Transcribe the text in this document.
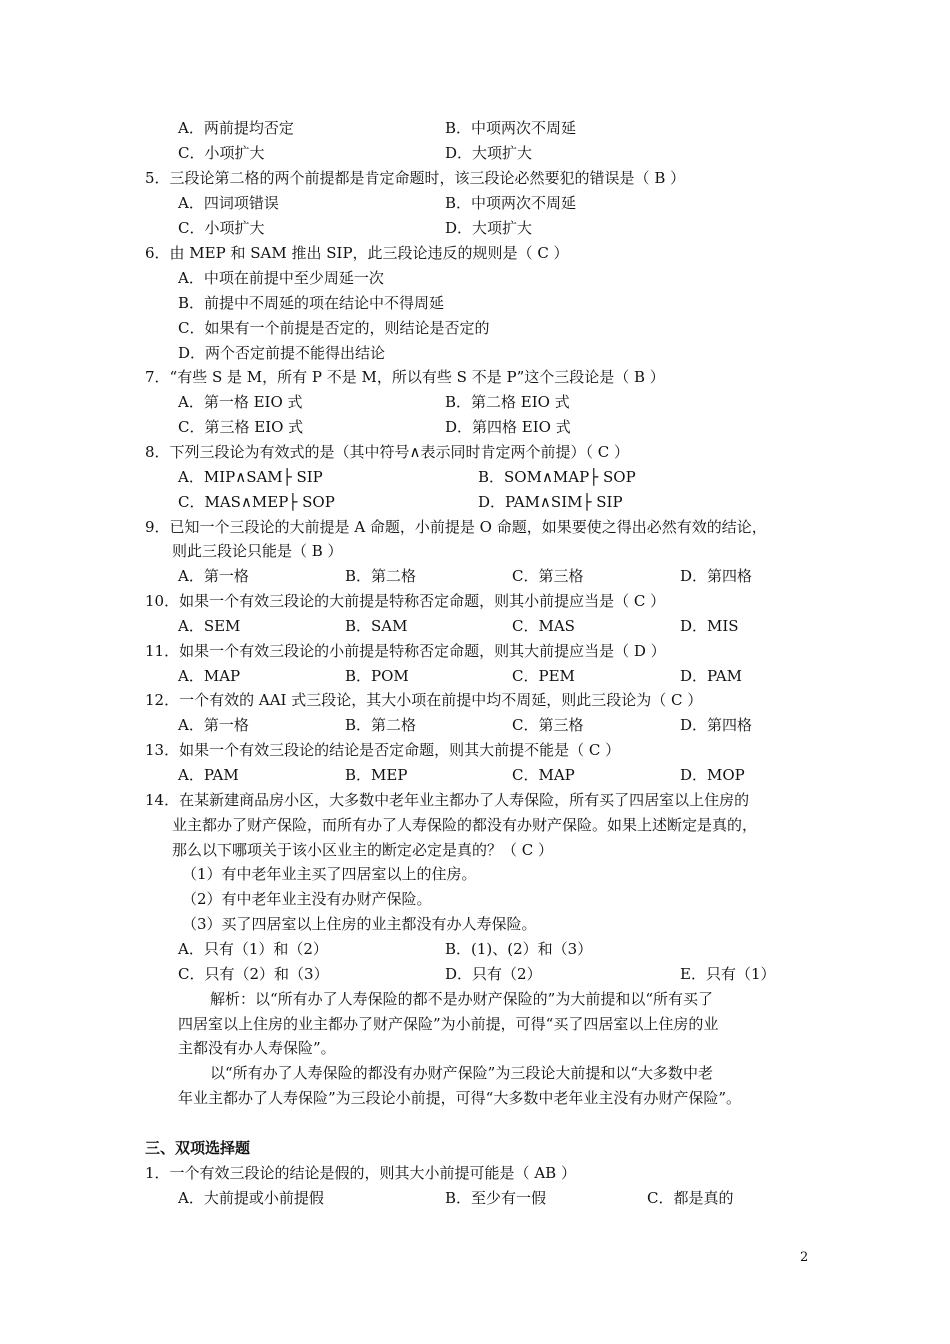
A．两前提均否定	B．中项两次不周延
C．小项扩大	D．大项扩大
5．三段论第二格的两个前提都是肯定命题时，该三段论必然要犯的错误是（ B ）
A．四词项错误	B．中项两次不周延
C．小项扩大	D．大项扩大
6．由 MEP 和 SAM 推出 SIP，此三段论违反的规则是（ C ）
A．中项在前提中至少周延一次
B．前提中不周延的项在结论中不得周延
C．如果有一个前提是否定的，则结论是否定的
D．两个否定前提不能得出结论
7．“有些 S 是 M，所有 P 不是 M，所以有些 S 不是 P”这个三段论是（ B ）
A．第一格 EIO 式	B．第二格 EIO 式
C．第三格 EIO 式	D．第四格 EIO 式
8．下列三段论为有效式的是（其中符号∧表示同时肯定两个前提）（ C ）
A．MIP∧SAM├ SIP	B．SOM∧MAP├ SOP
C．MAS∧MEP├ SOP	D．PAM∧SIM├ SIP
9．已知一个三段论的大前提是 A 命题，小前提是 O 命题，如果要使之得出必然有效的结论，
则此三段论只能是（ B ）
A．第一格	B．第二格	C．第三格	D．第四格
10．如果一个有效三段论的大前提是特称否定命题，则其小前提应当是（ C ）
A．SEM	B．SAM	C．MAS	D．MIS
11．如果一个有效三段论的小前提是特称否定命题，则其大前提应当是（ D ）
A．MAP	B．POM	C．PEM	D．PAM
12．一个有效的 AAI 式三段论，其大小项在前提中均不周延，则此三段论为（ C ）
A．第一格	B．第二格	C．第三格	D．第四格
13．如果一个有效三段论的结论是否定命题，则其大前提不能是（ C ）
A．PAM	B．MEP	C．MAP	D．MOP
14．在某新建商品房小区，大多数中老年业主都办了人寿保险，所有买了四居室以上住房的
业主都办了财产保险，而所有办了人寿保险的都没有办财产保险。如果上述断定是真的，
那么以下哪项关于该小区业主的断定必定是真的？（ C ）
（1）有中老年业主买了四居室以上的住房。
（2）有中老年业主没有办财产保险。
（3）买了四居室以上住房的业主都没有办人寿保险。
A．只有（1）和（2）	B．(1)、(2）和（3）
C．只有（2）和（3）	D．只有（2）	E．只有（1）
解析：以“所有办了人寿保险的都不是办财产保险的”为大前提和以“所有买了
四居室以上住房的业主都办了财产保险”为小前提，可得“买了四居室以上住房的业
主都没有办人寿保险”。
以“所有办了人寿保险的都没有办财产保险”为三段论大前提和以“大多数中老
年业主都办了人寿保险”为三段论小前提，可得“大多数中老年业主没有办财产保险”。
三、双项选择题
1．一个有效三段论的结论是假的，则其大小前提可能是（ AB ）
A．大前提或小前提假	B．至少有一假	C．都是真的
2
